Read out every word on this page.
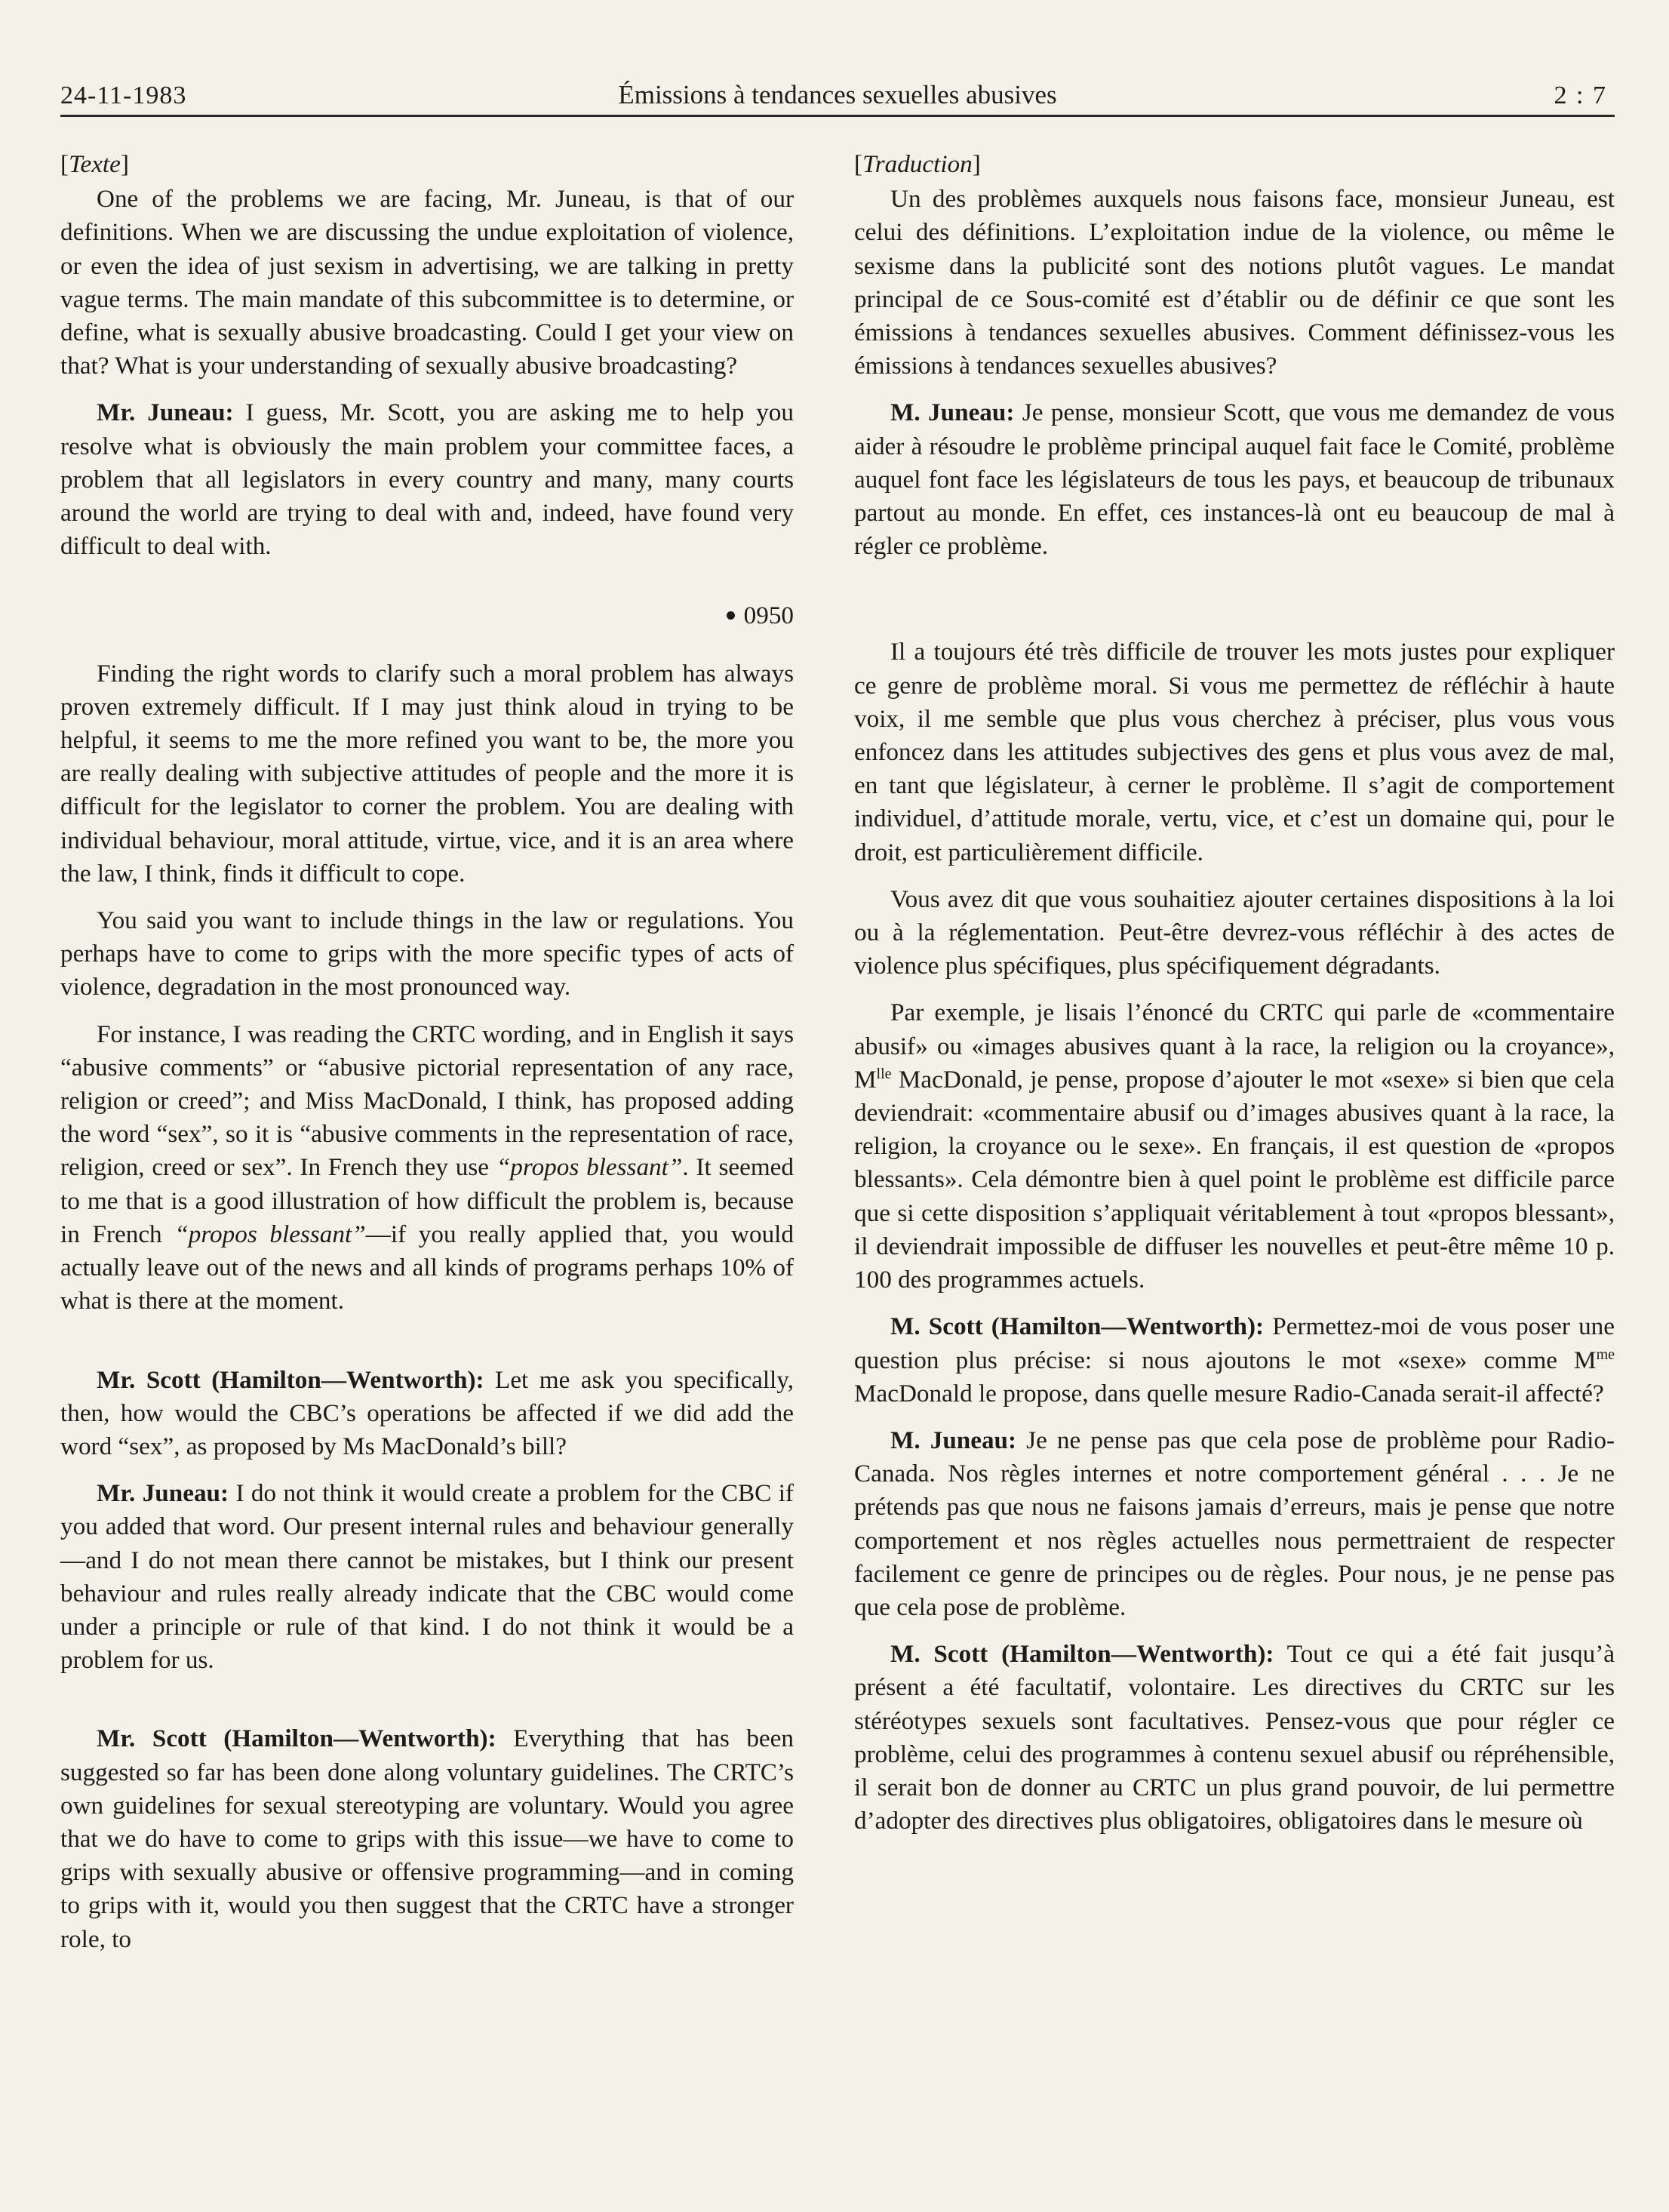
24-11-1983	Émissions à tendances sexuelles abusives	2 : 7
[Texte]

One of the problems we are facing, Mr. Juneau, is that of our definitions. When we are discussing the undue exploitation of violence, or even the idea of just sexism in advertising, we are talking in pretty vague terms. The main mandate of this subcommittee is to determine, or define, what is sexually abusive broadcasting. Could I get your view on that? What is your understanding of sexually abusive broadcasting?

Mr. Juneau: I guess, Mr. Scott, you are asking me to help you resolve what is obviously the main problem your committee faces, a problem that all legislators in every country and many, many courts around the world are trying to deal with and, indeed, have found very difficult to deal with.

0950

Finding the right words to clarify such a moral problem has always proven extremely difficult. If I may just think aloud in trying to be helpful, it seems to me the more refined you want to be, the more you are really dealing with subjective attitudes of people and the more it is difficult for the legislator to corner the problem. You are dealing with individual behaviour, moral attitude, virtue, vice, and it is an area where the law, I think, finds it difficult to cope.

You said you want to include things in the law or regulations. You perhaps have to come to grips with the more specific types of acts of violence, degradation in the most pronounced way.

For instance, I was reading the CRTC wording, and in English it says “abusive comments” or “abusive pictorial representation of any race, religion or creed”; and Miss MacDonald, I think, has proposed adding the word “sex”, so it is “abusive comments in the representation of race, religion, creed or sex”. In French they use “propos blessant”. It seemed to me that is a good illustration of how difficult the problem is, because in French “propos blessant”—if you really applied that, you would actually leave out of the news and all kinds of programs perhaps 10% of what is there at the moment.

Mr. Scott (Hamilton—Wentworth): Let me ask you specifically, then, how would the CBC’s operations be affected if we did add the word “sex”, as proposed by Ms MacDonald’s bill?

Mr. Juneau: I do not think it would create a problem for the CBC if you added that word. Our present internal rules and behaviour generally—and I do not mean there cannot be mistakes, but I think our present behaviour and rules really already indicate that the CBC would come under a principle or rule of that kind. I do not think it would be a problem for us.

Mr. Scott (Hamilton—Wentworth): Everything that has been suggested so far has been done along voluntary guidelines. The CRTC’s own guidelines for sexual stereotyping are voluntary. Would you agree that we do have to come to grips with this issue—we have to come to grips with sexually abusive or offensive programming—and in coming to grips with it, would you then suggest that the CRTC have a stronger role, to

[Traduction]

Un des problèmes auxquels nous faisons face, monsieur Juneau, est celui des définitions. L’exploitation indue de la violence, ou même le sexisme dans la publicité sont des notions plutôt vagues. Le mandat principal de ce Sous-comité est d’établir ou de définir ce que sont les émissions à tendances sexuelles abusives. Comment définissez-vous les émissions à tendances sexuelles abusives?

M. Juneau: Je pense, monsieur Scott, que vous me demandez de vous aider à résoudre le problème principal auquel fait face le Comité, problème auquel font face les législateurs de tous les pays, et beaucoup de tribunaux partout au monde. En effet, ces instances-là ont eu beaucoup de mal à régler ce problème.

Il a toujours été très difficile de trouver les mots justes pour expliquer ce genre de problème moral. Si vous me permettez de réfléchir à haute voix, il me semble que plus vous cherchez à préciser, plus vous vous enfoncez dans les attitudes subjectives des gens et plus vous avez de mal, en tant que législateur, à cerner le problème. Il s’agit de comportement individuel, d’attitude morale, vertu, vice, et c’est un domaine qui, pour le droit, est particulièrement difficile.

Vous avez dit que vous souhaitiez ajouter certaines dispositions à la loi ou à la réglementation. Peut-être devrez-vous réfléchir à des actes de violence plus spécifiques, plus spécifiquement dégradants.

Par exemple, je lisais l’énoncé du CRTC qui parle de «commentaire abusif» ou «images abusives quant à la race, la religion ou la croyance», $M^{lle}$ MacDonald, je pense, propose d’ajouter le mot «sexe» si bien que cela deviendrait: «commentaire abusif ou d’images abusives quant à la race, la religion, la croyance ou le sexe». En français, il est question de «propos blessants». Cela démontre bien à quel point le problème est difficile parce que si cette disposition s’appliquait véritablement à tout «propos blessant», il deviendrait impossible de diffuser les nouvelles et peut-être même 10 p. 100 des programmes actuels.

M. Scott (Hamilton—Wentworth): Permettez-moi de vous poser une question plus précise: si nous ajoutons le mot «sexe» comme $M^{me}$ MacDonald le propose, dans quelle mesure Radio-Canada serait-il affecté?

M. Juneau: Je ne pense pas que cela pose de problème pour Radio-Canada. Nos règles internes et notre comportement général . . . Je ne prétends pas que nous ne faisons jamais d’erreurs, mais je pense que notre comportement et nos règles actuelles nous permettraient de respecter facilement ce genre de principes ou de règles. Pour nous, je ne pense pas que cela pose de problème.

M. Scott (Hamilton—Wentworth): Tout ce qui a été fait jusqu’à présent a été facultatif, volontaire. Les directives du CRTC sur les stéréotypes sexuels sont facultatives. Pensez-vous que pour régler ce problème, celui des programmes à contenu sexuel abusif ou répréhensible, il serait bon de donner au CRTC un plus grand pouvoir, de lui permettre d’adopter des directives plus obligatoires, obligatoires dans le mesure où
